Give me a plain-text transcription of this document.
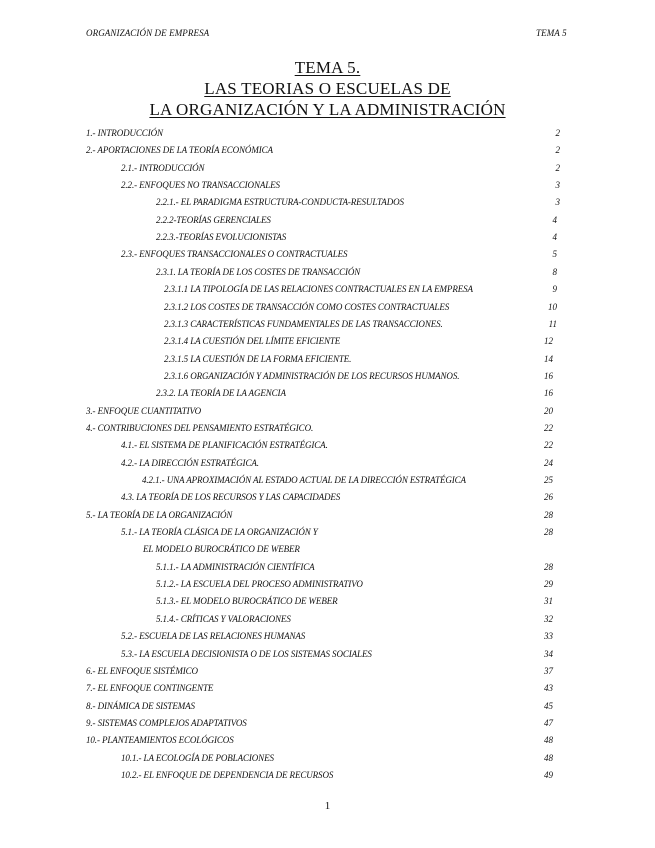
ORGANIZACIÓN DE EMPRESA	TEMA 5
TEMA 5.
LAS TEORIAS O ESCUELAS DE
LA ORGANIZACIÓN Y LA ADMINISTRACIÓN
1.- INTRODUCCIÓN	2
2.- APORTACIONES DE LA TEORÍA ECONÓMICA	2
2.1.- INTRODUCCIÓN	2
2.2.- ENFOQUES NO TRANSACCIONALES	3
2.2.1.- EL PARADIGMA ESTRUCTURA-CONDUCTA-RESULTADOS	3
2.2.2-TEORÍAS GERENCIALES	4
2.2.3.-TEORÍAS EVOLUCIONISTAS	4
2.3.- ENFOQUES TRANSACCIONALES O CONTRACTUALES	5
2.3.1. LA TEORÍA DE LOS COSTES DE TRANSACCIÓN	8
2.3.1.1 LA TIPOLOGÍA DE LAS RELACIONES CONTRACTUALES EN LA EMPRESA	9
2.3.1.2 LOS COSTES DE TRANSACCIÓN COMO COSTES CONTRACTUALES	10
2.3.1.3 CARACTERÍSTICAS FUNDAMENTALES DE LAS TRANSACCIONES.	11
2.3.1.4 LA CUESTIÓN DEL LÍMITE EFICIENTE	12
2.3.1.5 LA CUESTIÓN DE LA FORMA EFICIENTE.	14
2.3.1.6 ORGANIZACIÓN Y ADMINISTRACIÓN DE LOS RECURSOS HUMANOS.	16
2.3.2. LA TEORÍA DE LA AGENCIA	16
3.- ENFOQUE CUANTITATIVO	20
4.- CONTRIBUCIONES DEL PENSAMIENTO ESTRATÉGICO.	22
4.1.- EL SISTEMA DE PLANIFICACIÓN ESTRATÉGICA.	22
4.2.- LA DIRECCIÓN ESTRATÉGICA.	24
4.2.1.- UNA APROXIMACIÓN AL ESTADO ACTUAL DE LA DIRECCIÓN ESTRATÉGICA	25
4.3. LA TEORÍA DE LOS RECURSOS Y LAS CAPACIDADES	26
5.- LA TEORÍA DE LA ORGANIZACIÓN	28
5.1.- LA TEORÍA CLÁSICA DE LA ORGANIZACIÓN Y	28
EL MODELO BUROCRÁTICO DE WEBER
5.1.1.- LA ADMINISTRACIÓN CIENTÍFICA	28
5.1.2.- LA ESCUELA DEL PROCESO ADMINISTRATIVO	29
5.1.3.- EL MODELO BUROCRÁTICO DE WEBER	31
5.1.4.- CRÍTICAS Y VALORACIONES	32
5.2.- ESCUELA DE LAS RELACIONES HUMANAS	33
5.3.- LA ESCUELA DECISIONISTA O DE LOS SISTEMAS SOCIALES	34
6.- EL ENFOQUE SISTÉMICO	37
7.- EL ENFOQUE CONTINGENTE	43
8.- DINÁMICA DE SISTEMAS	45
9.- SISTEMAS COMPLEJOS ADAPTATIVOS	47
10.- PLANTEAMIENTOS ECOLÓGICOS	48
10.1.- LA ECOLOGÍA DE POBLACIONES	48
10.2.- EL ENFOQUE DE DEPENDENCIA DE RECURSOS	49
1
